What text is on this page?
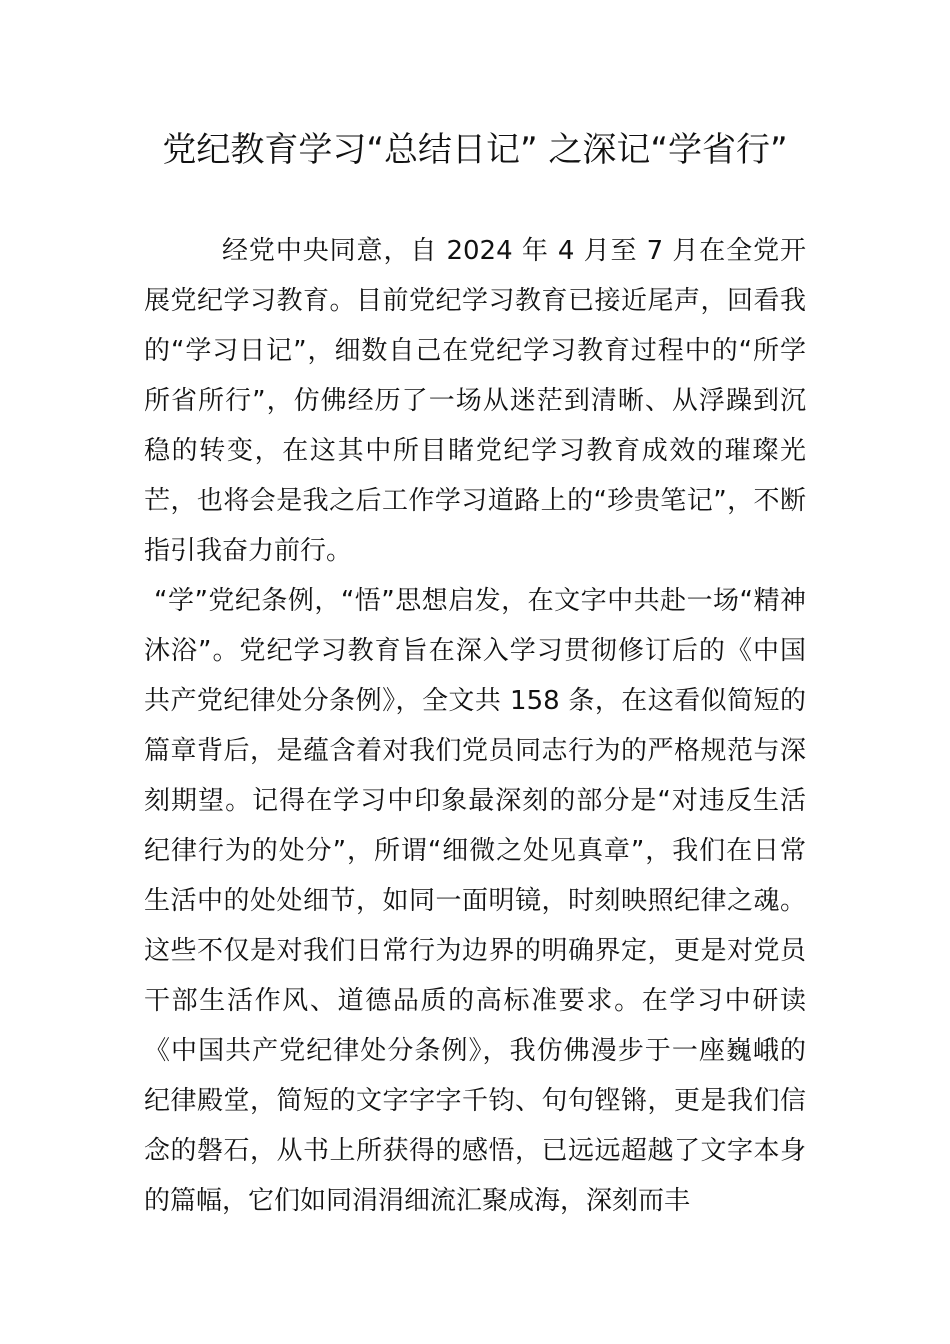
党纪教育学习“总结日记” 之深记“学省行”

经党中央同意，自 2024 年 4 月至 7 月在全党开展党纪学习教育。目前党纪学习教育已接近尾声，回看我的“学习日记”，细数自己在党纪学习教育过程中的“所学所省所行”，仿佛经历了一场从迷茫到清晰、从浮躁到沉稳的转变，在这其中所目睹党纪学习教育成效的璀璨光芒，也将会是我之后工作学习道路上的“珍贵笔记”，不断指引我奋力前行。

“学”党纪条例，“悟”思想启发，在文字中共赴一场“精神沐浴”。党纪学习教育旨在深入学习贯彻修订后的《中国共产党纪律处分条例》，全文共 158 条，在这看似简短的篇章背后，是蕴含着对我们党员同志行为的严格规范与深刻期望。记得在学习中印象最深刻的部分是“对违反生活纪律行为的处分”，所谓“细微之处见真章”，我们在日常生活中的处处细节，如同一面明镜，时刻映照纪律之魂。这些不仅是对我们日常行为边界的明确界定，更是对党员干部生活作风、道德品质的高标准要求。在学习中研读《中国共产党纪律处分条例》，我仿佛漫步于一座巍峨的纪律殿堂，简短的文字字字千钧、句句铿锵，更是我们信念的磐石，从书上所获得的感悟，已远远超越了文字本身的篇幅，它们如同涓涓细流汇聚成海，深刻而丰
